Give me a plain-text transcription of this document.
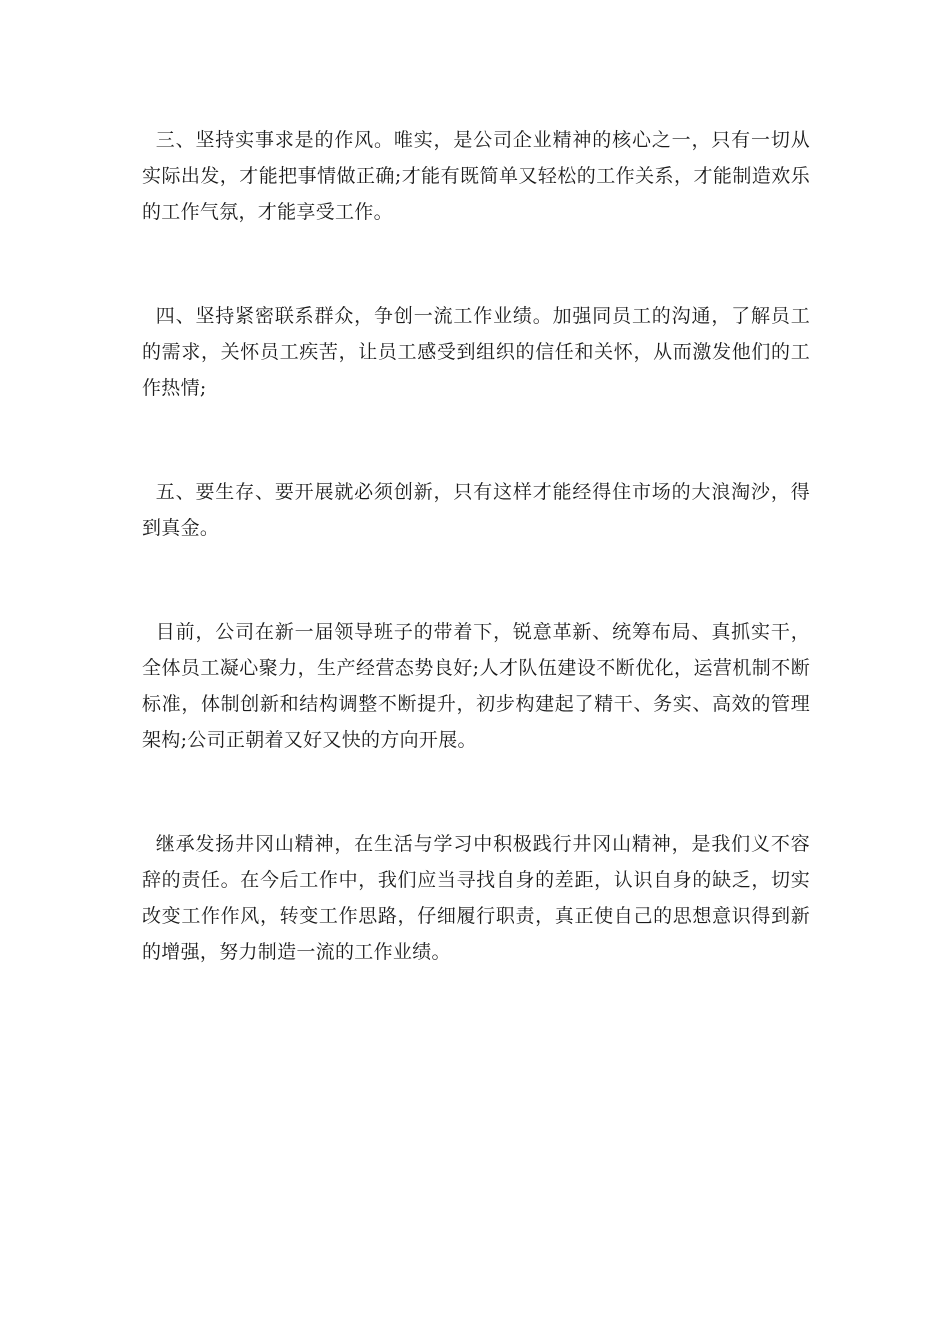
三、坚持实事求是的作风。唯实，是公司企业精神的核心之一，只有一切从实际出发，才能把事情做正确;才能有既简单又轻松的工作关系，才能制造欢乐的工作气氛，才能享受工作。

四、坚持紧密联系群众，争创一流工作业绩。加强同员工的沟通，了解员工的需求，关怀员工疾苦，让员工感受到组织的信任和关怀，从而激发他们的工作热情;

五、要生存、要开展就必须创新，只有这样才能经得住市场的大浪淘沙，得到真金。

目前，公司在新一届领导班子的带着下，锐意革新、统筹布局、真抓实干，全体员工凝心聚力，生产经营态势良好;人才队伍建设不断优化，运营机制不断标准，体制创新和结构调整不断提升，初步构建起了精干、务实、高效的管理架构;公司正朝着又好又快的方向开展。

继承发扬井冈山精神，在生活与学习中积极践行井冈山精神，是我们义不容辞的责任。在今后工作中，我们应当寻找自身的差距，认识自身的缺乏，切实改变工作作风，转变工作思路，仔细履行职责，真正使自己的思想意识得到新的增强，努力制造一流的工作业绩。
